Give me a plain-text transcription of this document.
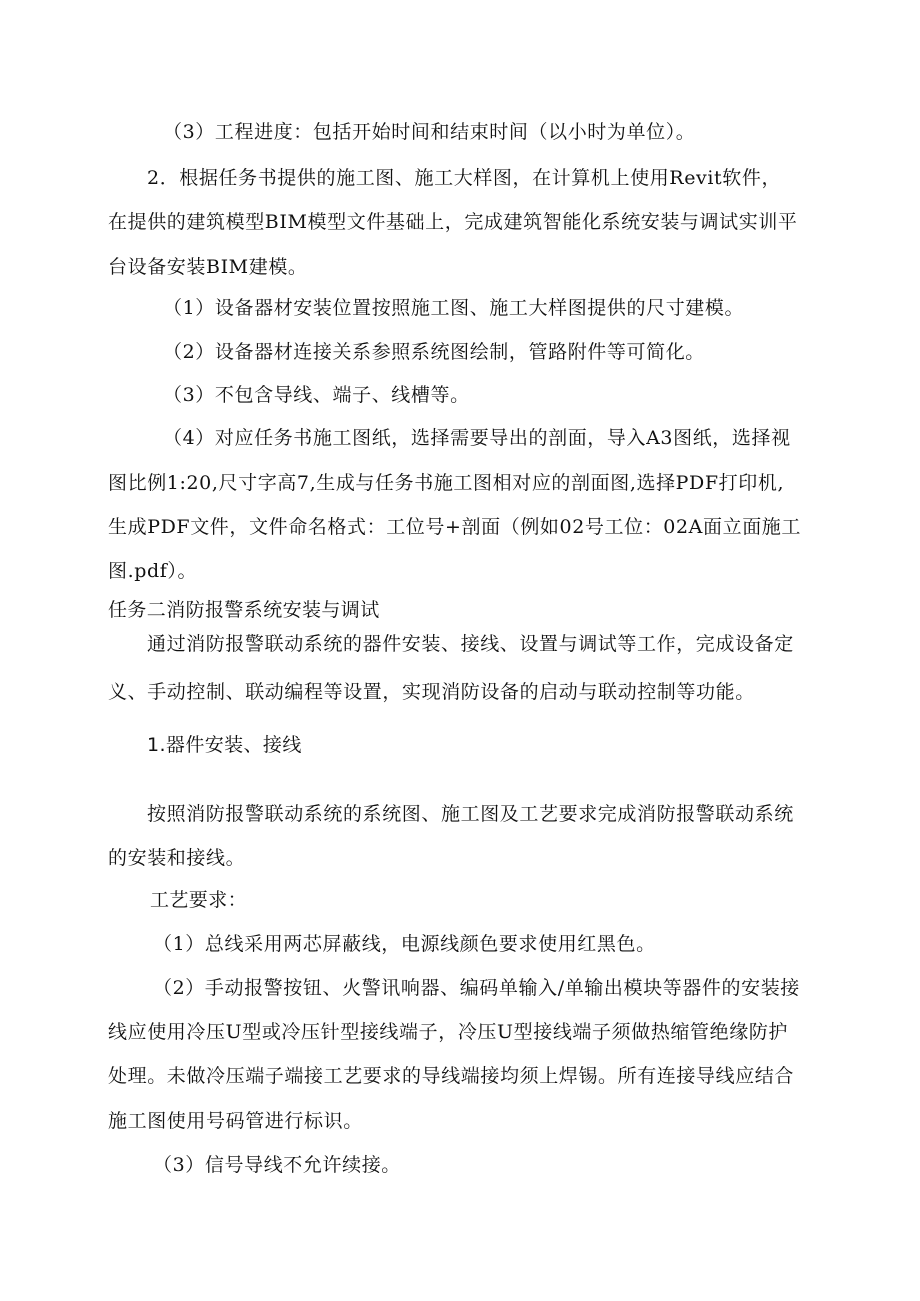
（3）工程进度：包括开始时间和结束时间（以小时为单位）。
2．根据任务书提供的施工图、施工大样图，在计算机上使用Revit软件，
在提供的建筑模型BIM模型文件基础上，完成建筑智能化系统安装与调试实训平
台设备安装BIM建模。
（1）设备器材安装位置按照施工图、施工大样图提供的尺寸建模。
（2）设备器材连接关系参照系统图绘制，管路附件等可简化。
（3）不包含导线、端子、线槽等。
（4）对应任务书施工图纸，选择需要导出的剖面，导入A3图纸，选择视
图比例1:20,尺寸字高7,生成与任务书施工图相对应的剖面图,选择PDF打印机,
生成PDF文件，文件命名格式：工位号+剖面（例如02号工位：02A面立面施工
图.pdf）。
任务二消防报警系统安装与调试
通过消防报警联动系统的器件安装、接线、设置与调试等工作，完成设备定
义、手动控制、联动编程等设置，实现消防设备的启动与联动控制等功能。
1.器件安装、接线
按照消防报警联动系统的系统图、施工图及工艺要求完成消防报警联动系统
的安装和接线。
工艺要求：
（1）总线采用两芯屏蔽线，电源线颜色要求使用红黑色。
（2）手动报警按钮、火警讯响器、编码单输入/单输出模块等器件的安装接
线应使用冷压U型或冷压针型接线端子，冷压U型接线端子须做热缩管绝缘防护
处理。未做冷压端子端接工艺要求的导线端接均须上焊锡。所有连接导线应结合
施工图使用号码管进行标识。
（3）信号导线不允许续接。
